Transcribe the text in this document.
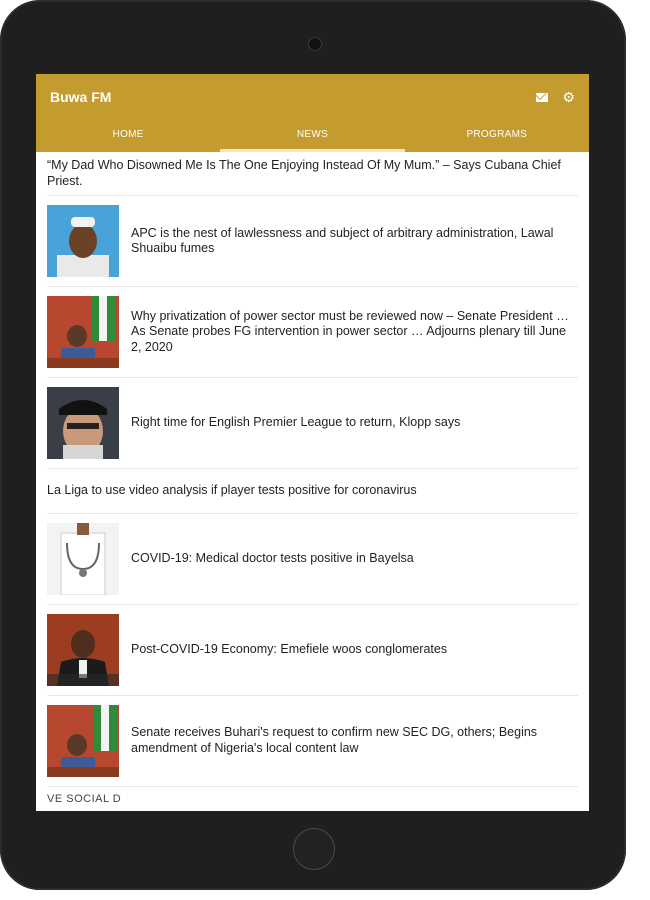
Buwa FM	⚙
HOME	NEWS	PROGRAMS
“My Dad Who Disowned Me Is The One Enjoying Instead Of My Mum.” – Says Cubana Chief Priest.
APC is the nest of lawlessness and subject of arbitrary administration, Lawal Shuaibu fumes
Why privatization of power sector must be reviewed now – Senate President …As Senate probes FG intervention in power sector … Adjourns plenary till June 2, 2020
Right time for English Premier League to return, Klopp says
La Liga to use video analysis if player tests positive for coronavirus
COVID-19: Medical doctor tests positive in Bayelsa
Post-COVID-19 Economy: Emefiele woos conglomerates
Senate receives Buhari's request to confirm new SEC DG, others; Begins amendment of Nigeria's local content law
VE SOCIAL D
